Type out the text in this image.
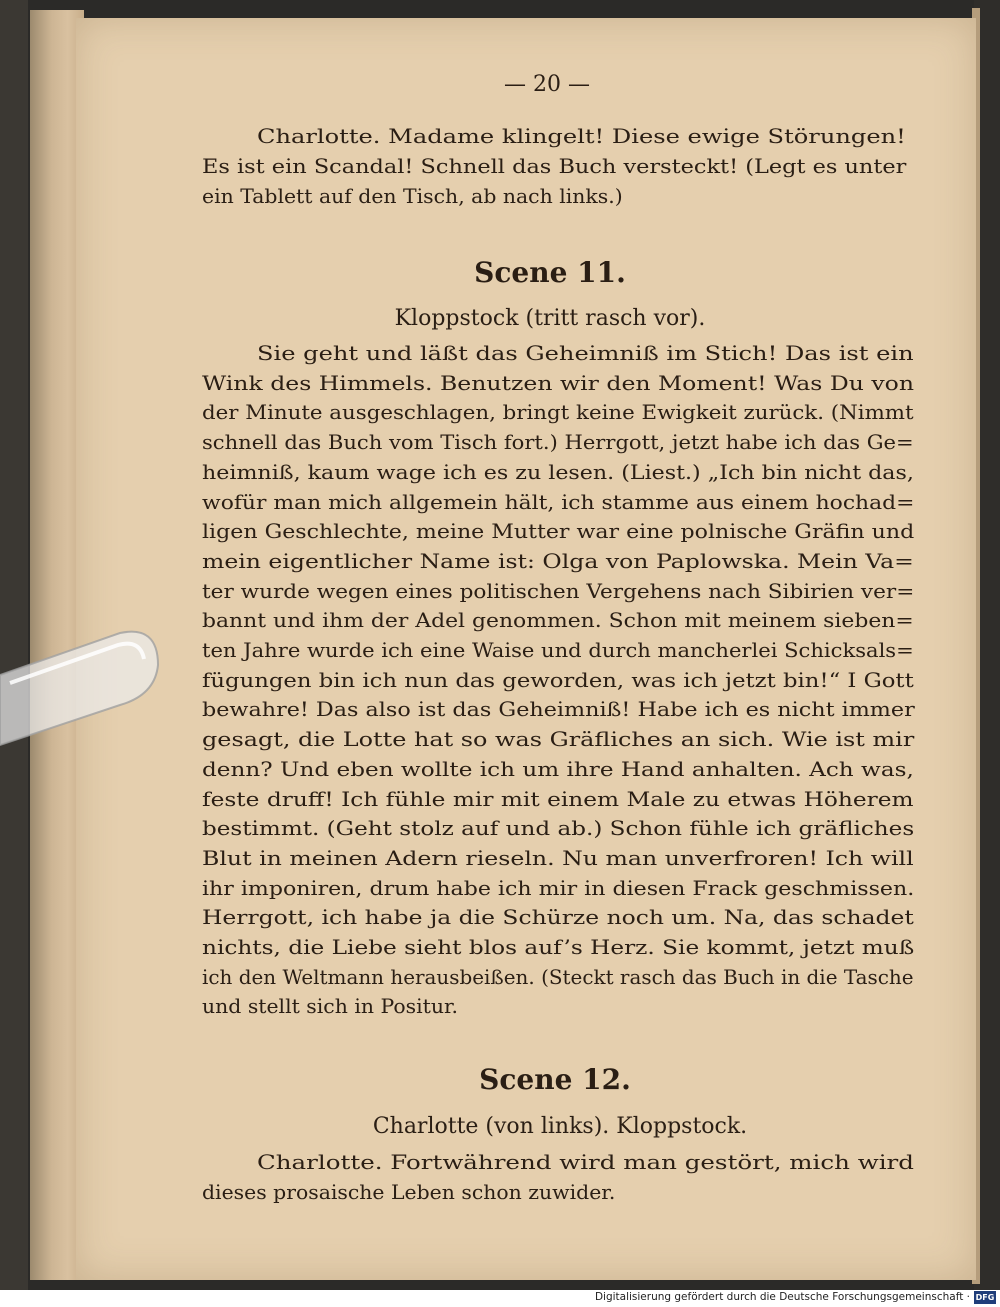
— 20 —
Charlotte. Madame klingelt! Diese ewige Störungen!
Es ist ein Scandal! Schnell das Buch versteckt! (Legt es unter
ein Tablett auf den Tisch, ab nach links.)
Sie geht und läßt das Geheimniß im Stich! Das ist ein
Wink des Himmels. Benutzen wir den Moment! Was Du von
der Minute ausgeschlagen, bringt keine Ewigkeit zurück. (Nimmt
schnell das Buch vom Tisch fort.) Herrgott, jetzt habe ich das Ge=
heimniß, kaum wage ich es zu lesen. (Liest.) „Ich bin nicht das,
wofür man mich allgemein hält, ich stamme aus einem hochad=
ligen Geschlechte, meine Mutter war eine polnische Gräfin und
mein eigentlicher Name ist: Olga von Paplowska. Mein Va=
ter wurde wegen eines politischen Vergehens nach Sibirien ver=
bannt und ihm der Adel genommen. Schon mit meinem sieben=
ten Jahre wurde ich eine Waise und durch mancherlei Schicksals=
fügungen bin ich nun das geworden, was ich jetzt bin!“ I Gott
bewahre! Das also ist das Geheimniß! Habe ich es nicht immer
gesagt, die Lotte hat so was Gräfliches an sich. Wie ist mir
denn? Und eben wollte ich um ihre Hand anhalten. Ach was,
feste druff! Ich fühle mir mit einem Male zu etwas Höherem
bestimmt. (Geht stolz auf und ab.) Schon fühle ich gräfliches
Blut in meinen Adern rieseln. Nu man unverfroren! Ich will
ihr imponiren, drum habe ich mir in diesen Frack geschmissen.
Herrgott, ich habe ja die Schürze noch um. Na, das schadet
nichts, die Liebe sieht blos auf’s Herz. Sie kommt, jetzt muß
ich den Weltmann herausbeißen. (Steckt rasch das Buch in die Tasche
und stellt sich in Positur.
Charlotte. Fortwährend wird man gestört, mich wird
dieses prosaische Leben schon zuwider.
Scene 11.
Kloppstock (tritt rasch vor).
Scene 12.
Charlotte (von links). Kloppstock.
Digitalisierung gefördert durch die Deutsche Forschungsgemeinschaft · DFG
